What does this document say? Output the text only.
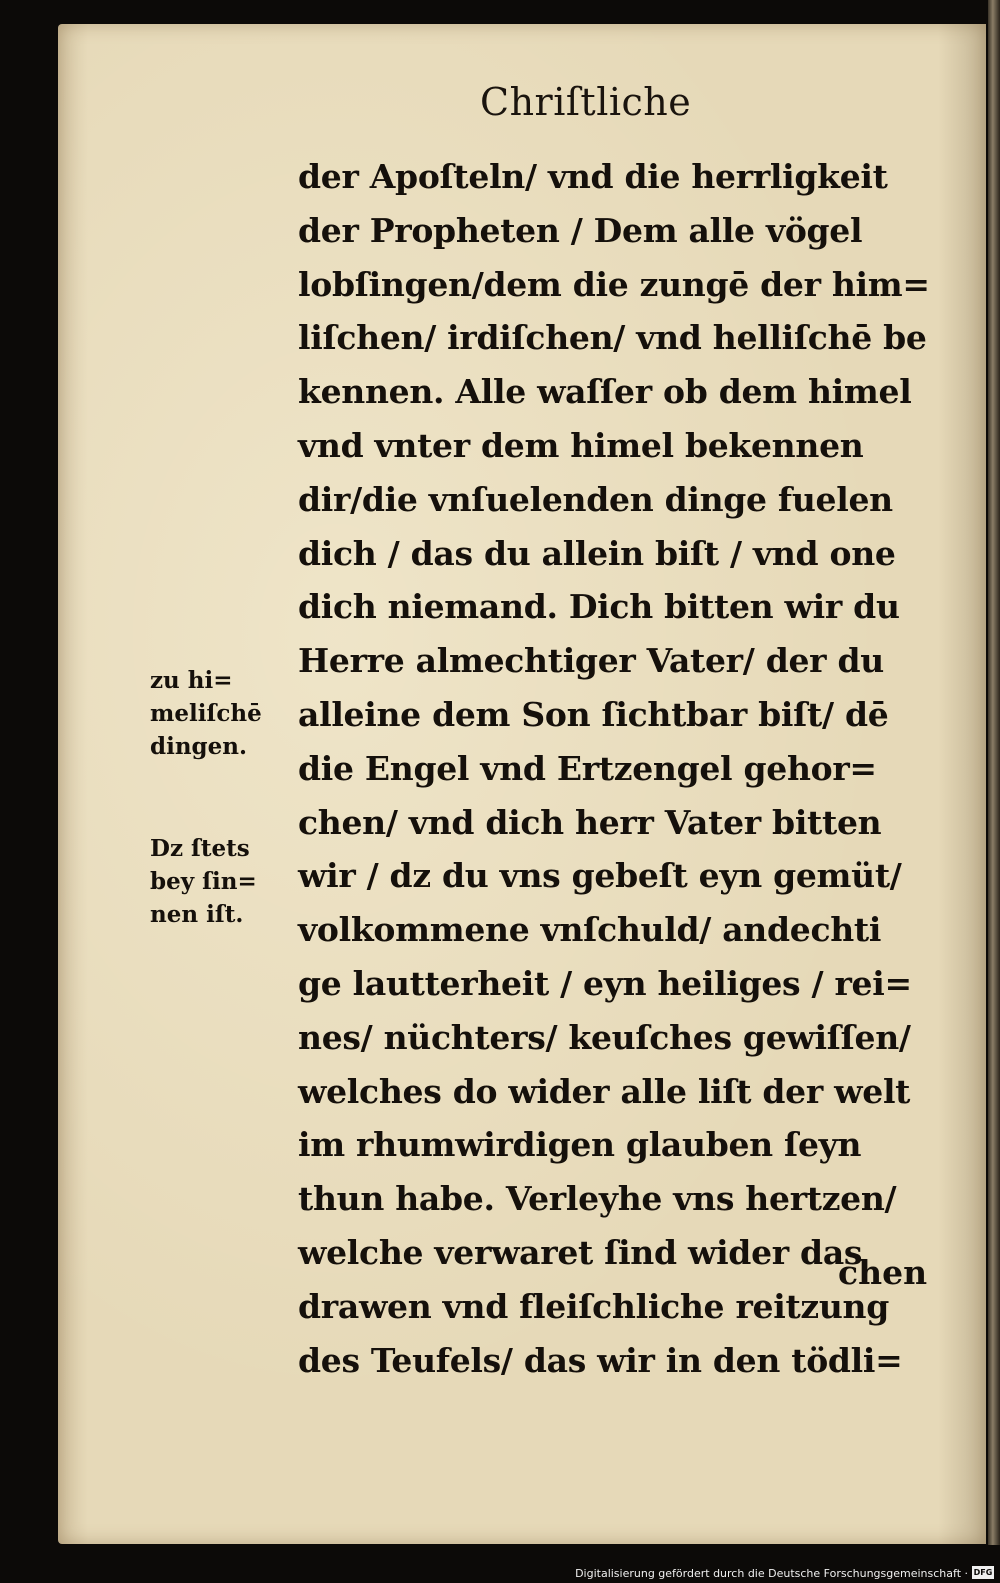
Chriſtliche
der Apoſteln/ vnd die herrligkeit
der Propheten / Dem alle vögel
lobſingen/dem die zungē der him=
liſchen/ irdiſchen/ vnd helliſchē be
kennen. Alle waſſer ob dem himel
vnd vnter dem himel bekennen
dir/die vnſuelenden dinge fuelen
dich / das du allein biſt / vnd one
dich niemand. Dich bitten wir du
Herre almechtiger Vater/ der du
alleine dem Son ſichtbar biſt/ dē
die Engel vnd Ertzengel gehor=
chen/ vnd dich herr Vater bitten
wir / dz du vns gebeſt eyn gemüt/
volkommene vnſchuld/ andechti
ge lautterheit / eyn heiliges / rei=
nes/ nüchters/ keuſches gewiſſen/
welches do wider alle liſt der welt
im rhumwirdigen glauben ſeyn
thun habe. Verleyhe vns hertzen/
welche verwaret ſind wider das
drawen vnd fleiſchliche reitzung
des Teufels/ das wir in den tödli=
chen
zu hi=
meliſchē
dingen.
Dz ſtets
bey ſin=
nen iſt.
Digitalisierung gefördert durch die Deutsche Forschungsgemeinschaft · DFG
